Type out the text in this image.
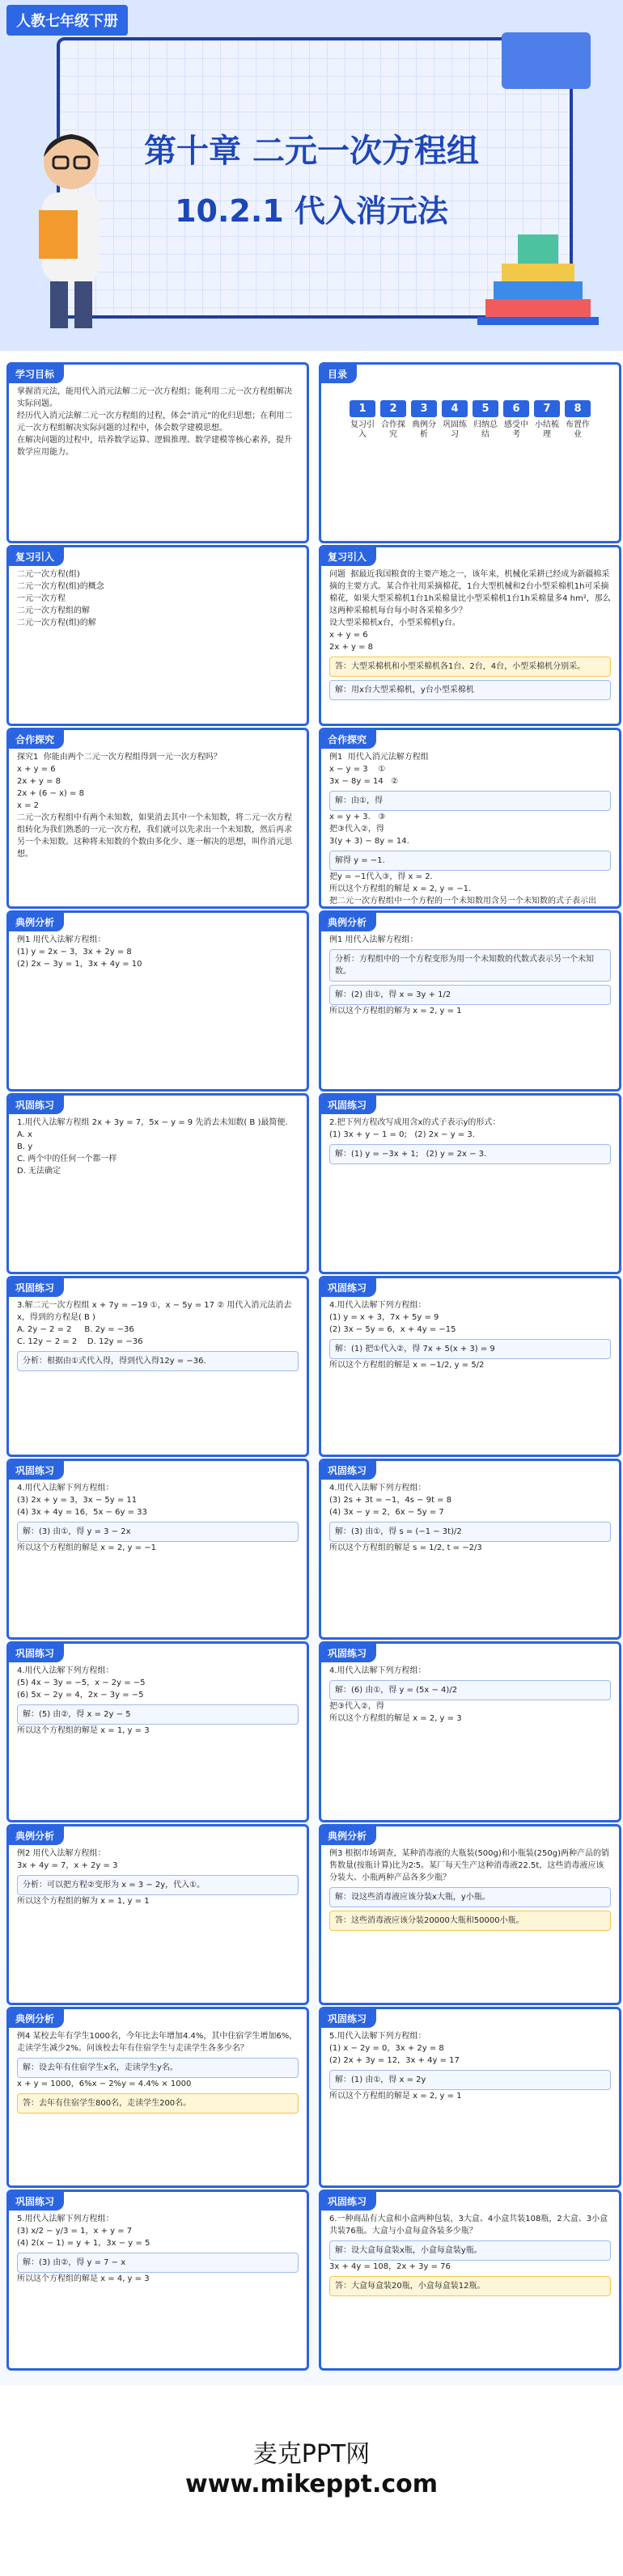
人教七年级下册
第十章 二元一次方程组
10.2.1 代入消元法
学习目标
掌握消元法，能用代入消元法解二元一次方程组；能利用二元一次方程组解决实际问题。
经历代入消元法解二元一次方程组的过程，体会“消元”的化归思想；在利用二元一次方程组解决实际问题的过程中，体会数学建模思想。
在解决问题的过程中，培养数学运算、逻辑推理、数学建模等核心素养，提升数学应用能力。
目录
1
复习引入
2
合作探究
3
典例分析
4
巩固练习
5
归纳总结
6
感受中考
7
小结梳理
8
布置作业
复习引入
二元一次方程(组)
二元一次方程(组)的概念
一元一次方程
二元一次方程组的解
二元一次方程(组)的解
复习引入
问题  据最近我国粮食的主要产地之一，该年来，机械化采耕已经成为新疆棉采摘的主要方式。某合作社用采摘棉花，1台大型机械和2台小型采棉机1h可采摘棉花，如果大型采棉机1台1h采棉量比小型采棉机1台1h采棉量多4 hm²，那么这两种采棉机每台每小时各采棉多少？
设大型采棉机x台，小型采棉机y台。
x + y = 6
2x + y = 8
答：大型采棉机和小型采棉机各1台、2台，4台，小型采棉机分别采。
解：用x台大型采棉机，y台小型采棉机
合作探究
探究1  你能由两个二元一次方程组得到一元一次方程吗？
x + y = 6
2x + y = 8
2x + (6 − x) = 8
x = 2
二元一次方程组中有两个未知数，如果消去其中一个未知数，将二元一次方程组转化为我们熟悉的一元一次方程，我们就可以先求出一个未知数，然后再求另一个未知数。这种将未知数的个数由多化少、逐一解决的思想，叫作消元思想。
合作探究
例1  用代入消元法解方程组
x − y = 3    ①
3x − 8y = 14   ②
解：由①，得
x = y + 3.   ③
把③代入②，得
3(y + 3) − 8y = 14.
解得 y = −1.
把y = −1代入③，得 x = 2.
所以这个方程组的解是 x = 2, y = −1.
把二元一次方程组中一个方程的一个未知数用含另一个未知数的式子表示出
典例分析
例1 用代入法解方程组：
(1) y = 2x − 3，3x + 2y = 8
(2) 2x − 3y = 1，3x + 4y = 10
典例分析
例1 用代入法解方程组：
分析：方程组中的一个方程变形为用一个未知数的代数式表示另一个未知数。
解：(2) 由①，得 x = 3y + 1/2
所以这个方程组的解为 x = 2, y = 1
巩固练习
1.用代入法解方程组 2x + 3y = 7，5x − y = 9 先消去未知数( B )最简便.
A. x
B. y
C. 两个中的任何一个都一样
D. 无法确定
巩固练习
2.把下列方程改写成用含x的式子表示y的形式：
(1) 3x + y − 1 = 0;   (2) 2x − y = 3.
解：(1) y = −3x + 1;   (2) y = 2x − 3.
巩固练习
3.解二元一次方程组 x + 7y = −19 ①，x − 5y = 17 ② 用代入消元法消去x，得到的方程是( B )
A. 2y − 2 = 2     B. 2y = −36
C. 12y − 2 = 2    D. 12y = −36
分析：根据由①式代入得，得到代入得12y = −36.
巩固练习
4.用代入法解下列方程组：
(1) y = x + 3，7x + 5y = 9
(2) 3x − 5y = 6，x + 4y = −15
解：(1) 把①代入②，得 7x + 5(x + 3) = 9
所以这个方程组的解是 x = −1/2, y = 5/2
巩固练习
4.用代入法解下列方程组：
(3) 2x + y = 3，3x − 5y = 11
(4) 3x + 4y = 16，5x − 6y = 33
解：(3) 由①，得 y = 3 − 2x
所以这个方程组的解是 x = 2, y = −1
巩固练习
4.用代入法解下列方程组：
(3) 2s + 3t = −1，4s − 9t = 8
(4) 3x − y = 2，6x − 5y = 7
解：(3) 由①，得 s = (−1 − 3t)/2
所以这个方程组的解是 s = 1/2, t = −2/3
巩固练习
4.用代入法解下列方程组：
(5) 4x − 3y = −5，x − 2y = −5
(6) 5x − 2y = 4，2x − 3y = −5
解：(5) 由②，得 x = 2y − 5
所以这个方程组的解是 x = 1, y = 3
巩固练习
4.用代入法解下列方程组：
解：(6) 由①，得 y = (5x − 4)/2
把③代入②，得
所以这个方程组的解是 x = 2, y = 3
典例分析
例2 用代入法解方程组：
3x + 4y = 7，x + 2y = 3
分析：可以把方程②变形为 x = 3 − 2y，代入①。
所以这个方程组的解为 x = 1, y = 1
典例分析
例3 根据市场调查，某种消毒液的大瓶装(500g)和小瓶装(250g)两种产品的销售数量(按瓶计算)比为2∶5。某厂每天生产这种消毒液22.5t，这些消毒液应该分装大、小瓶两种产品各多少瓶？
解：设这些消毒液应该分装x大瓶，y小瓶。
答：这些消毒液应该分装20000大瓶和50000小瓶。
典例分析
例4 某校去年有学生1000名，今年比去年增加4.4%，其中住宿学生增加6%，走读学生减少2%。问该校去年有住宿学生与走读学生各多少名？
解：设去年有住宿学生x名，走读学生y名。
x + y = 1000，6%x − 2%y = 4.4% × 1000
答：去年有住宿学生800名，走读学生200名。
巩固练习
5.用代入法解下列方程组：
(1) x − 2y = 0，3x + 2y = 8
(2) 2x + 3y = 12，3x + 4y = 17
解：(1) 由①，得 x = 2y
所以这个方程组的解是 x = 2, y = 1
巩固练习
5.用代入法解下列方程组：
(3) x/2 − y/3 = 1，x + y = 7
(4) 2(x − 1) = y + 1，3x − y = 5
解：(3) 由②，得 y = 7 − x
所以这个方程组的解是 x = 4, y = 3
巩固练习
6.一种商品有大盒和小盒两种包装，3大盒、4小盒共装108瓶，2大盒、3小盒共装76瓶。大盒与小盒每盒各装多少瓶？
解：设大盒每盒装x瓶，小盒每盒装y瓶。
3x + 4y = 108，2x + 3y = 76
答：大盒每盒装20瓶，小盒每盒装12瓶。
麦克PPT网
www.mikeppt.com
